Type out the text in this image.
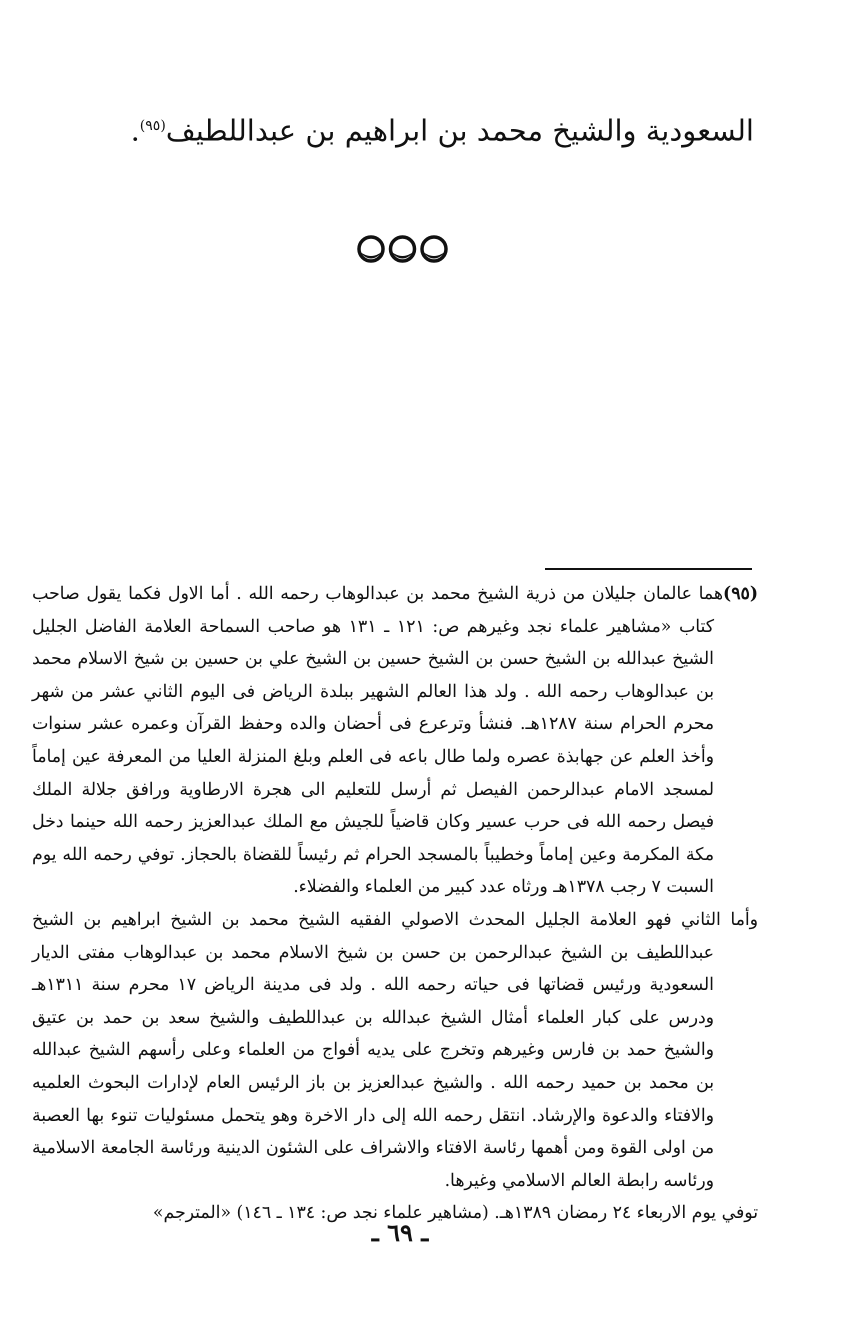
السعودية والشيخ محمد بن ابراهيم بن عبداللطيف$^{(٩٥)}$.

(٩٥)هما عالمان جليلان من ذرية الشيخ محمد بن عبدالوهاب رحمه الله . أما الاول فكما يقول صاحب كتاب «مشاهير علماء نجد وغيرهم ص: ١٢١ ـ ١٣١ هو صاحب السماحة العلامة الفاضل الجليل الشيخ عبدالله بن الشيخ حسن بن الشيخ حسين بن الشيخ علي بن حسين بن شيخ الاسلام محمد بن عبدالوهاب رحمه الله . ولد هذا العالم الشهير ببلدة الرياض فى اليوم الثاني عشر من شهر محرم الحرام سنة ١٢٨٧هـ. فنشأ وترعرع فى أحضان والده وحفظ القرآن وعمره عشر سنوات وأخذ العلم عن جهابذة عصره ولما طال باعه فى العلم وبلغ المنزلة العليا من المعرفة عين إماماً لمسجد الامام عبدالرحمن الفيصل ثم أرسل للتعليم الى هجرة الارطاوية ورافق جلالة الملك فيصل رحمه الله فى حرب عسير وكان قاضياً للجيش مع الملك عبدالعزيز رحمه الله حينما دخل مكة المكرمة وعين إماماً وخطيباً بالمسجد الحرام ثم رئيساً للقضاة بالحجاز. توفي رحمه الله يوم السبت ٧ رجب ١٣٧٨هـ ورثاه عدد كبير من العلماء والفضلاء.

وأما الثاني فهو العلامة الجليل المحدث الاصولي الفقيه الشيخ محمد بن الشيخ ابراهيم بن الشيخ عبداللطيف بن الشيخ عبدالرحمن بن حسن بن شيخ الاسلام محمد بن عبدالوهاب مفتى الديار السعودية ورئيس قضاتها فى حياته رحمه الله . ولد فى مدينة الرياض ١٧ محرم سنة ١٣١١هـ ودرس على كبار العلماء أمثال الشيخ عبدالله بن عبداللطيف والشيخ سعد بن حمد بن عتيق والشيخ حمد بن فارس وغيرهم وتخرج على يديه أفواج من العلماء وعلى رأسهم الشيخ عبدالله بن محمد بن حميد رحمه الله . والشيخ عبدالعزيز بن باز الرئيس العام لإدارات البحوث العلميه والافتاء والدعوة والإرشاد. انتقل رحمه الله إلى دار الاخرة وهو يتحمل مسئوليات تنوء بها العصبة من اولى القوة ومن أهمها رئاسة الافتاء والاشراف على الشئون الدينية ورئاسة الجامعة الاسلامية ورئاسه رابطة العالم الاسلامي وغيرها.

توفي يوم الاربعاء ٢٤ رمضان ١٣٨٩هـ. (مشاهير علماء نجد ص: ١٣٤ ـ ١٤٦) «المترجم»

ـ ٦٩ ـ
